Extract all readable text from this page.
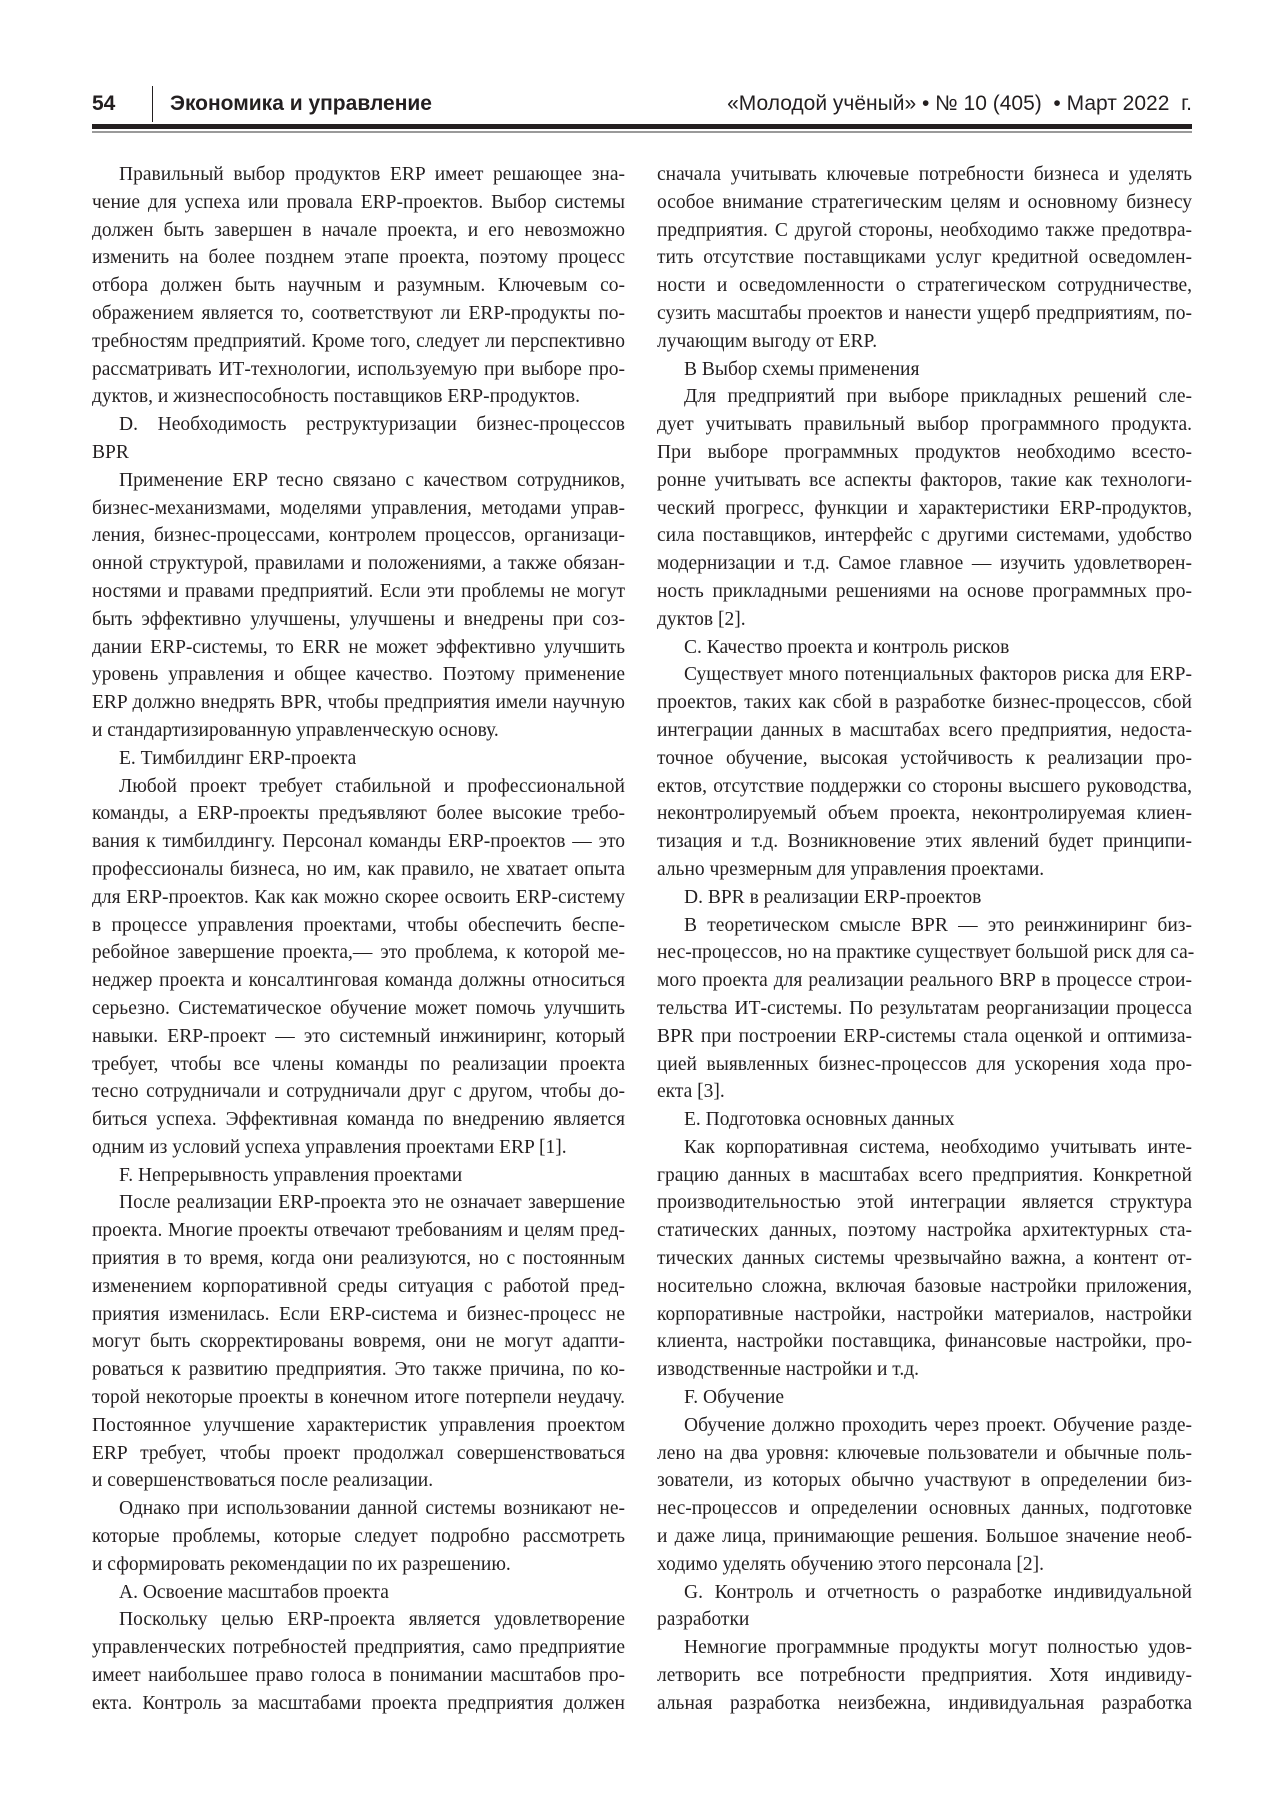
54	Экономика и управление	«Молодой учёный» • № 10 (405)  • Март 2022  г.
Правильный выбор продуктов ERP имеет решающее зна-
чение для успеха или провала ERP-проектов. Выбор системы
должен быть завершен в начале проекта, и его невозможно
изменить на более позднем этапе проекта, поэтому процесс
отбора должен быть научным и разумным. Ключевым со-
ображением является то, соответствуют ли ERP-продукты по-
требностям предприятий. Кроме того, следует ли перспективно
рассматривать ИТ-технологии, используемую при выборе про-
дуктов, и жизнеспособность поставщиков ERP-продуктов.
D. Необходимость реструктуризации бизнес-процессов
BPR
Применение ERP тесно связано с качеством сотрудников,
бизнес-механизмами, моделями управления, методами управ-
ления, бизнес-процессами, контролем процессов, организаци-
онной структурой, правилами и положениями, а также обязан-
ностями и правами предприятий. Если эти проблемы не могут
быть эффективно улучшены, улучшены и внедрены при соз-
дании ERP-системы, то ERR не может эффективно улучшить
уровень управления и общее качество. Поэтому применение
ERP должно внедрять BPR, чтобы предприятия имели научную
и стандартизированную управленческую основу.
E. Тимбилдинг ERP-проекта
Любой проект требует стабильной и профессиональной
команды, а ERP-проекты предъявляют более высокие требо-
вания к тимбилдингу. Персонал команды ERP-проектов — это
профессионалы бизнеса, но им, как правило, не хватает опыта
для ERP-проектов. Как как можно скорее освоить ERP-систему
в процессе управления проектами, чтобы обеспечить беспе-
ребойное завершение проекта,— это проблема, к которой ме-
неджер проекта и консалтинговая команда должны относиться
серьезно. Систематическое обучение может помочь улучшить
навыки. ERP-проект — это системный инжиниринг, который
требует, чтобы все члены команды по реализации проекта
тесно сотрудничали и сотрудничали друг с другом, чтобы до-
биться успеха. Эффективная команда по внедрению является
одним из условий успеха управления проектами ERP [1].
F. Непрерывность управления проектами
После реализации ERP-проекта это не означает завершение
проекта. Многие проекты отвечают требованиям и целям пред-
приятия в то время, когда они реализуются, но с постоянным
изменением корпоративной среды ситуация с работой пред-
приятия изменилась. Если ERP-система и бизнес-процесс не
могут быть скорректированы вовремя, они не могут адапти-
роваться к развитию предприятия. Это также причина, по ко-
торой некоторые проекты в конечном итоге потерпели неудачу.
Постоянное улучшение характеристик управления проектом
ERP требует, чтобы проект продолжал совершенствоваться
и совершенствоваться после реализации.
Однако при использовании данной системы возникают не-
которые проблемы, которые следует подробно рассмотреть
и сформировать рекомендации по их разрешению.
A. Освоение масштабов проекта
Поскольку целью ERP-проекта является удовлетворение
управленческих потребностей предприятия, само предприятие
имеет наибольшее право голоса в понимании масштабов про-
екта. Контроль за масштабами проекта предприятия должен
сначала учитывать ключевые потребности бизнеса и уделять
особое внимание стратегическим целям и основному бизнесу
предприятия. С другой стороны, необходимо также предотвра-
тить отсутствие поставщиками услуг кредитной осведомлен-
ности и осведомленности о стратегическом сотрудничестве,
сузить масштабы проектов и нанести ущерб предприятиям, по-
лучающим выгоду от ERP.
В Выбор схемы применения
Для предприятий при выборе прикладных решений сле-
дует учитывать правильный выбор программного продукта.
При выборе программных продуктов необходимо всесто-
ронне учитывать все аспекты факторов, такие как технологи-
ческий прогресс, функции и характеристики ERP-продуктов,
сила поставщиков, интерфейс с другими системами, удобство
модернизации и т.д. Самое главное — изучить удовлетворен-
ность прикладными решениями на основе программных про-
дуктов [2].
C. Качество проекта и контроль рисков
Существует много потенциальных факторов риска для ERP-
проектов, таких как сбой в разработке бизнес-процессов, сбой
интеграции данных в масштабах всего предприятия, недоста-
точное обучение, высокая устойчивость к реализации про-
ектов, отсутствие поддержки со стороны высшего руководства,
неконтролируемый объем проекта, неконтролируемая клиен-
тизация и т.д. Возникновение этих явлений будет принципи-
ально чрезмерным для управления проектами.
D. BPR в реализации ERP-проектов
В теоретическом смысле BPR — это реинжиниринг биз-
нес-процессов, но на практике существует большой риск для са-
мого проекта для реализации реального BRP в процессе строи-
тельства ИТ-системы. По результатам реорганизации процесса
BPR при построении ERP-системы стала оценкой и оптимиза-
цией выявленных бизнес-процессов для ускорения хода про-
екта [3].
E. Подготовка основных данных
Как корпоративная система, необходимо учитывать инте-
грацию данных в масштабах всего предприятия. Конкретной
производительностью этой интеграции является структура
статических данных, поэтому настройка архитектурных ста-
тических данных системы чрезвычайно важна, а контент от-
носительно сложна, включая базовые настройки приложения,
корпоративные настройки, настройки материалов, настройки
клиента, настройки поставщика, финансовые настройки, про-
изводственные настройки и т.д.
F. Обучение
Обучение должно проходить через проект. Обучение разде-
лено на два уровня: ключевые пользователи и обычные поль-
зователи, из которых обычно участвуют в определении биз-
нес-процессов и определении основных данных, подготовке
и даже лица, принимающие решения. Большое значение необ-
ходимо уделять обучению этого персонала [2].
G. Контроль и отчетность о разработке индивидуальной
разработки
Немногие программные продукты могут полностью удов-
летворить все потребности предприятия. Хотя индивиду-
альная разработка неизбежна, индивидуальная разработка
